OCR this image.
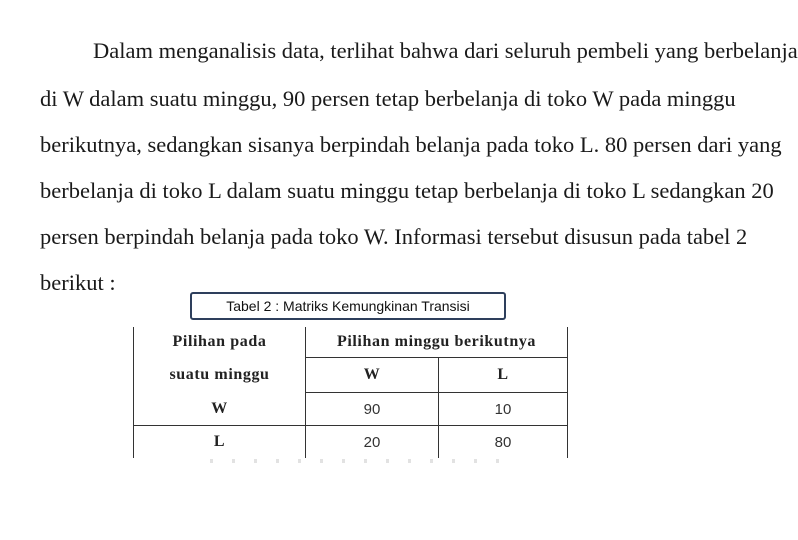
Dalam menganalisis data, terlihat bahwa dari seluruh pembeli yang berbelanja
di W dalam suatu minggu, 90 persen tetap berbelanja di toko W pada minggu
berikutnya, sedangkan sisanya berpindah belanja pada toko L. 80 persen dari yang
berbelanja di toko L dalam suatu minggu tetap berbelanja di toko L sedangkan 20
persen berpindah belanja pada toko W. Informasi tersebut disusun pada tabel 2
berikut :
Tabel 2 : Matriks Kemungkinan Transisi
Pilihan pada	Pilihan minggu berikutnya	
suatu minggu	W	L
W	90	10
L	20	80
